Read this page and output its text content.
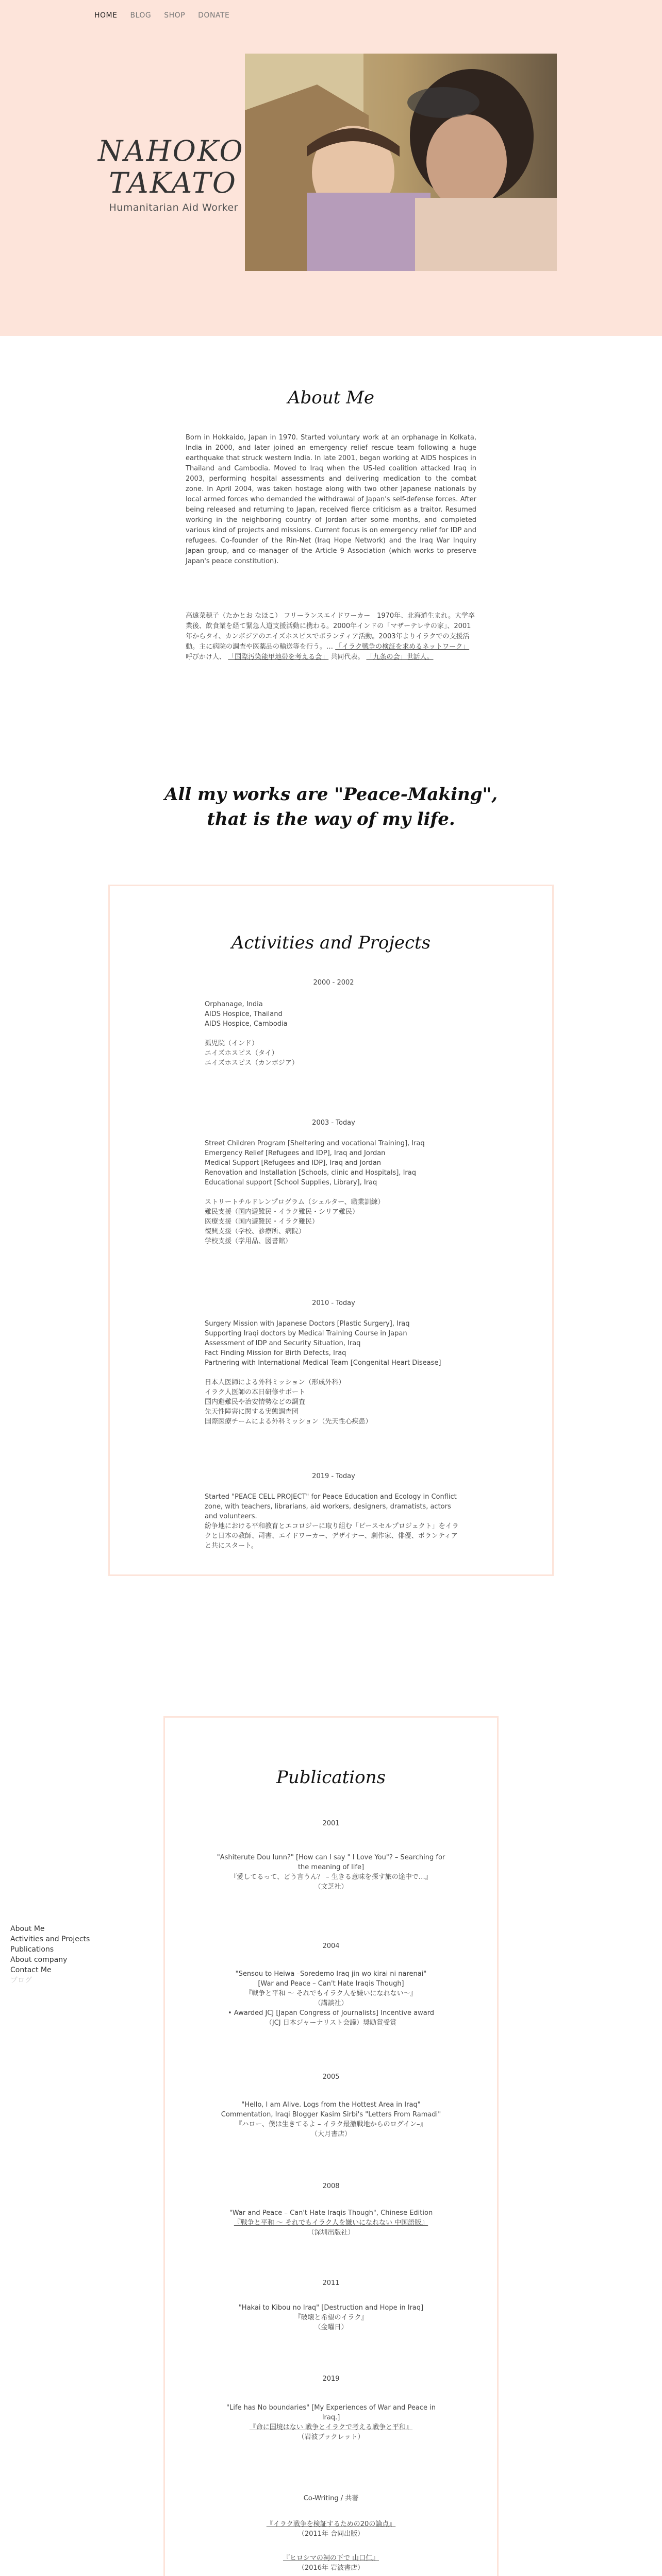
NAHOKO
TAKATO
Humanitarian Aid Worker
HOME BLOG SHOP DONATE
About Me
Activities and Projects
Publications
About company
Contact Me
ブログ
About Me
Born in Hokkaido, Japan in 1970. Started voluntary work at an orphanage in Kolkata, India in 2000, and later joined an emergency relief rescue team following a huge earthquake that struck western India. In late 2001, began working at AIDS hospices in Thailand and Cambodia. Moved to Iraq when the US-led coalition attacked Iraq in 2003, performing hospital assessments and delivering medication to the combat zone. In April 2004, was taken hostage along with two other Japanese nationals by local armed forces who demanded the withdrawal of Japan's self-defense forces. After being released and returning to Japan, received fierce criticism as a traitor. Resumed working in the neighboring country of Jordan after some months, and completed various kind of projects and missions. Current focus is on emergency relief for IDP and refugees. Co-founder of the Rin-Net (Iraq Hope Network) and the Iraq War Inquiry Japan group, and co-manager of the Article 9 Association (which works to preserve Japan's peace constitution).
高遠菜穂子（たかとお なほこ） フリーランスエイドワーカー　1970年、北海道生まれ。大学卒業後、飲食業を経て緊急人道支援活動に携わる。2000年インドの「マザーテレサの家」、2001年からタイ、カンボジアのエイズホスピスでボランティア活動。2003年よりイラクでの支援活動。主に病院の調査や医薬品の輸送等を行う。… 「イラク戦争の検証を求めるネットワーク」 呼びかけ人、 「国際汚染能甲地帯を考える会」 共同代表。 「九条の会」世話人。
All my works are "Peace-Making",
that is the way of my life.
Activities and Projects
2000 - 2002
Orphanage, India
AIDS Hospice, Thailand
AIDS Hospice, Cambodia
孤児院（インド）
エイズホスピス（タイ）
エイズホスピス（カンボジア）
2003 - Today
Street Children Program [Sheltering and vocational Training], Iraq
Emergency Relief [Refugees and IDP], Iraq and Jordan
Medical Support [Refugees and IDP], Iraq and Jordan
Renovation and Installation [Schools, clinic and Hospitals], Iraq
Educational support [School Supplies, Library], Iraq
ストリートチルドレンプログラム（シェルター、職業訓練）
難民支援（国内避難民・イラク難民・シリア難民）
医療支援（国内避難民・イラク難民）
復興支援（学校、診療所、病院）
学校支援（学用品、図書館）
2010 - Today
Surgery Mission with Japanese Doctors [Plastic Surgery], Iraq
Supporting Iraqi doctors by Medical Training Course in Japan
Assessment of IDP and Security Situation, Iraq
Fact Finding Mission for Birth Defects, Iraq
Partnering with International Medical Team [Congenital Heart Disease]
日本人医師による外科ミッション（形成外科）
イラク人医師の本日研修サポート
国内避難民や治安情勢などの調査
先天性障害に関する実態調査団
国際医療チームによる外科ミッション（先天性心疾患）
2019 - Today
Started "PEACE CELL PROJECT" for Peace Education and Ecology in Conflict zone, with teachers, librarians, aid workers, designers, dramatists, actors and volunteers.
紛争地における平和教育とエコロジーに取り組む「ピースセルプロジェクト」をイラクと日本の教師、司書、エイドワーカー、デザイナー、劇作家、俳優、ボランティアと共にスタート。
Publications
2001
"Ashiterute Dou Iunn?" [How can I say " I Love You"? – Searching for
the meaning of life]
『愛してるって、どう言うん？ – 生きる意味を探す旅の途中で…』
（文芝社）
2004
"Sensou to Heiwa –Soredemo Iraq jin wo kirai ni narenai"
[War and Peace – Can't Hate Iraqis Though]
『戦争と平和 〜 それでもイラク人を嫌いになれない〜』
（講談社）
• Awarded JCJ [Japan Congress of Journalists] Incentive award
（JCJ 日本ジャーナリスト会議）奨励賞受賞
2005
"Hello, I am Alive. Logs from the Hottest Area in Iraq"
Commentation, Iraqi Blogger Kasim Sirbi's "Letters From Ramadi"
『ハロー、僕は生きてるよ – イラク最激戦地からのログイン–』
（大月書店）
2008
"War and Peace – Can't Hate Iraqis Though", Chinese Edition
『戦争と平和 〜 それでもイラク人を嫌いになれない 中国語版』
（深圳出版社）
2011
"Hakai to Kibou no Iraq" [Destruction and Hope in Iraq]
『破壊と希望のイラク』
（金曜日）
2019
"Life has No boundaries" [My Experiences of War and Peace in
Iraq.]
『命に国境はない 戦争とイラクで考える戦争と平和』
（岩波ブックレット）
Co-Writing / 共著
『イラク戦争を検証するための20の論点』
（2011年 合同出版）
『ヒロシマの祠の下で 山口仁』
（2016年 岩波書店）
